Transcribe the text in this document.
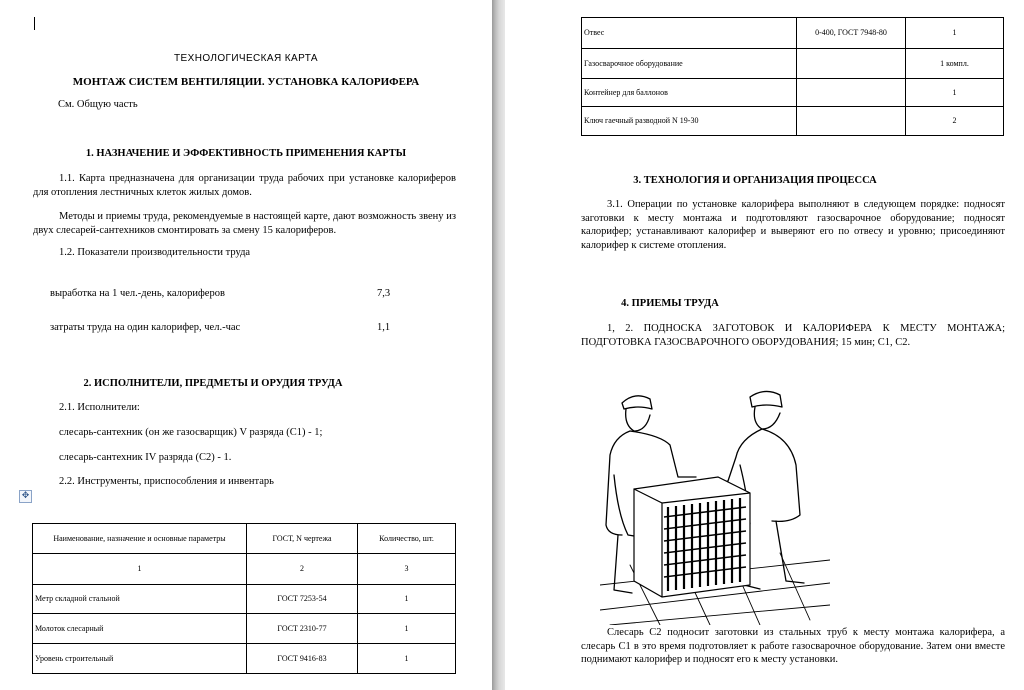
ТЕХНОЛОГИЧЕСКАЯ КАРТА
МОНТАЖ СИСТЕМ ВЕНТИЛЯЦИИ. УСТАНОВКА КАЛОРИФЕРА
См. Общую часть
1. НАЗНАЧЕНИЕ И ЭФФЕКТИВНОСТЬ ПРИМЕНЕНИЯ КАРТЫ
1.1. Карта предназначена для организации труда рабочих при установке калориферов для отопления лестничных клеток жилых домов.
Методы и приемы труда, рекомендуемые в настоящей карте, дают возможность звену из двух слесарей-сантехников смонтировать за смену 15 калориферов.
1.2. Показатели производительности труда
выработка на 1 чел.-день, калориферов	7,3
затраты труда на один калорифер, чел.-час	1,1
2. ИСПОЛНИТЕЛИ, ПРЕДМЕТЫ И ОРУДИЯ ТРУДА
2.1. Исполнители:
слесарь-сантехник (он же газосварщик) V разряда (С1) - 1;
слесарь-сантехник IV разряда (С2) - 1.
2.2. Инструменты, приспособления и инвентарь
✥
Наименование, назначение и основные параметры	ГОСТ, N чертежа	Количество, шт.
1	2	3
Метр складной стальной	ГОСТ 7253-54	1
Молоток слесарный	ГОСТ 2310-77	1
Уровень строительный	ГОСТ 9416-83	1
Отвес	0-400, ГОСТ 7948-80	1
Газосварочное оборудование		1 компл.
Контейнер для баллонов		1
Ключ гаечный разводной N 19-30		2
3. ТЕХНОЛОГИЯ И ОРГАНИЗАЦИЯ ПРОЦЕССА
3.1. Операции по установке калорифера выполняют в следующем порядке: подносят заготовки к месту монтажа и подготовляют газосварочное оборудование; подносят калорифер; устанавливают калорифер и выверяют его по отвесу и уровню; присоединяют калорифер к системе отопления.
4. ПРИЕМЫ ТРУДА
1, 2. ПОДНОСКА ЗАГОТОВОК И КАЛОРИФЕРА К МЕСТУ МОНТАЖА; ПОДГОТОВКА ГАЗОСВАРОЧНОГО ОБОРУДОВАНИЯ; 15 мин; С1, С2.
Слесарь С2 подносит заготовки из стальных труб к месту монтажа калорифера, а слесарь С1 в это время подготовляет к работе газосварочное оборудование. Затем они вместе поднимают калорифер и подносят его к месту установки.
